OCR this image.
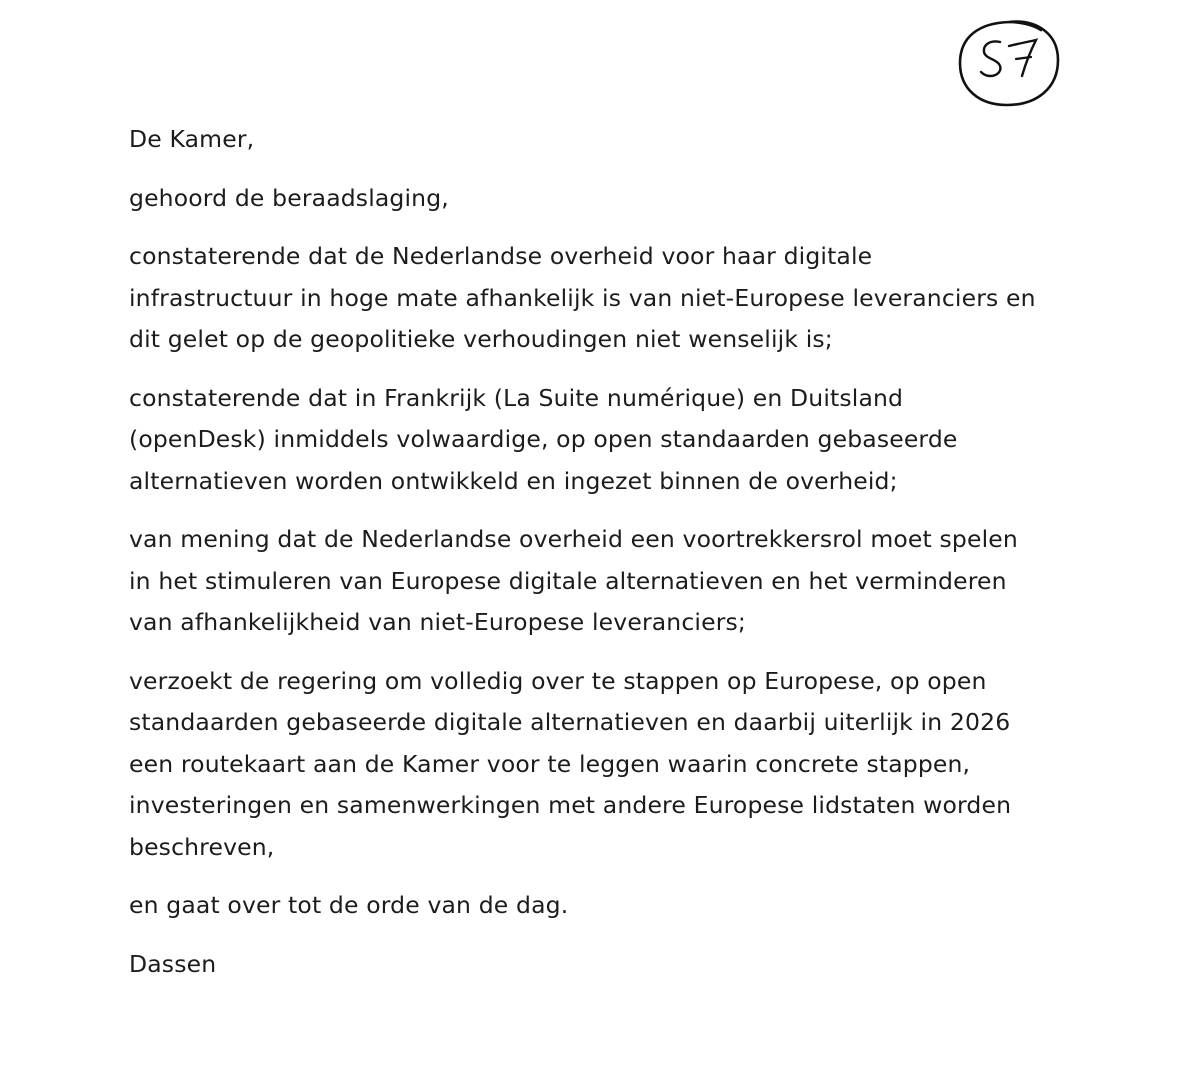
De Kamer,

gehoord de beraadslaging,

constaterende dat de Nederlandse overheid voor haar digitale
infrastructuur in hoge mate afhankelijk is van niet-Europese leveranciers en
dit gelet op de geopolitieke verhoudingen niet wenselijk is;

constaterende dat in Frankrijk (La Suite numérique) en Duitsland
(openDesk) inmiddels volwaardige, op open standaarden gebaseerde
alternatieven worden ontwikkeld en ingezet binnen de overheid;

van mening dat de Nederlandse overheid een voortrekkersrol moet spelen
in het stimuleren van Europese digitale alternatieven en het verminderen
van afhankelijkheid van niet-Europese leveranciers;

verzoekt de regering om volledig over te stappen op Europese, op open
standaarden gebaseerde digitale alternatieven en daarbij uiterlijk in 2026
een routekaart aan de Kamer voor te leggen waarin concrete stappen,
investeringen en samenwerkingen met andere Europese lidstaten worden
beschreven,

en gaat over tot de orde van de dag.

Dassen
